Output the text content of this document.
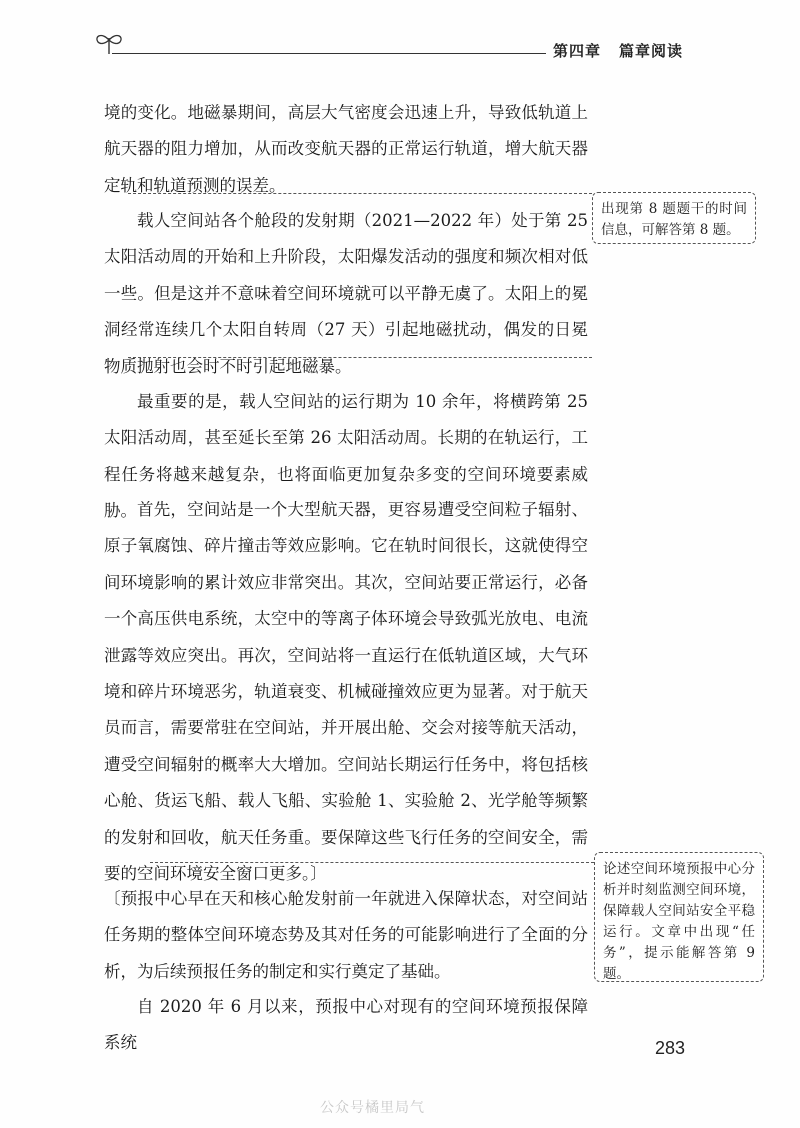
第四章 篇章阅读

境的变化。地磁暴期间，高层大气密度会迅速上升，导致低轨道上航天器的阻力增加，从而改变航天器的正常运行轨道，增大航天器定轨和轨道预测的误差。

载人空间站各个舱段的发射期（2021—2022 年）处于第 25 太阳活动周的开始和上升阶段，太阳爆发活动的强度和频次相对低一些。但是这并不意味着空间环境就可以平静无虞了。太阳上的冕洞经常连续几个太阳自转周（27 天）引起地磁扰动，偶发的日冕物质抛射也会时不时引起地磁暴。

最重要的是，载人空间站的运行期为 10 余年，将横跨第 25 太阳活动周，甚至延长至第 26 太阳活动周。长期的在轨运行，工程任务将越来越复杂，也将面临更加复杂多变的空间环境要素威胁。 首先，空间站是一个大型航天器，更容易遭受空间粒子辐射、原子氧腐蚀、碎片撞击等效应影响。它在轨时间很长，这就使得空间环境影响的累计效应非常突出。其次，空间站要正常运行，必备一个高压供电系统，太空中的等离子体环境会导致弧光放电、电流泄露等效应突出。再次，空间站将一直运行在低轨道区域，大气环境和碎片环境恶劣，轨道衰变、机械碰撞效应更为显著。对于航天员而言，需要常驻在空间站，并开展出舱、交会对接等航天活动，遭受空间辐射的概率大大增加。空间站长期运行任务中，将包括核心舱、货运飞船、载人飞船、实验舱 1、实验舱 2、光学舱等频繁的发射和回收，航天任务重。要保障这些飞行任务的空间安全，需要的空间环境安全窗口更多。〕

〔预报中心早在天和核心舱发射前一年就进入保障状态，对空间站任务期的整体空间环境态势及其对任务的可能影响进行了全面的分析，为后续预报任务的制定和实行奠定了基础。

自 2020 年 6 月以来，预报中心对现有的空间环境预报保障系统

出现第 8 题题干的时间信息，可解答第 8 题。
论述空间环境预报中心分析并时刻监测空间环境，保障载人空间站安全平稳运行。文章中出现“任务”，提示能解答第 9 题。
283
公众号橘里局气
